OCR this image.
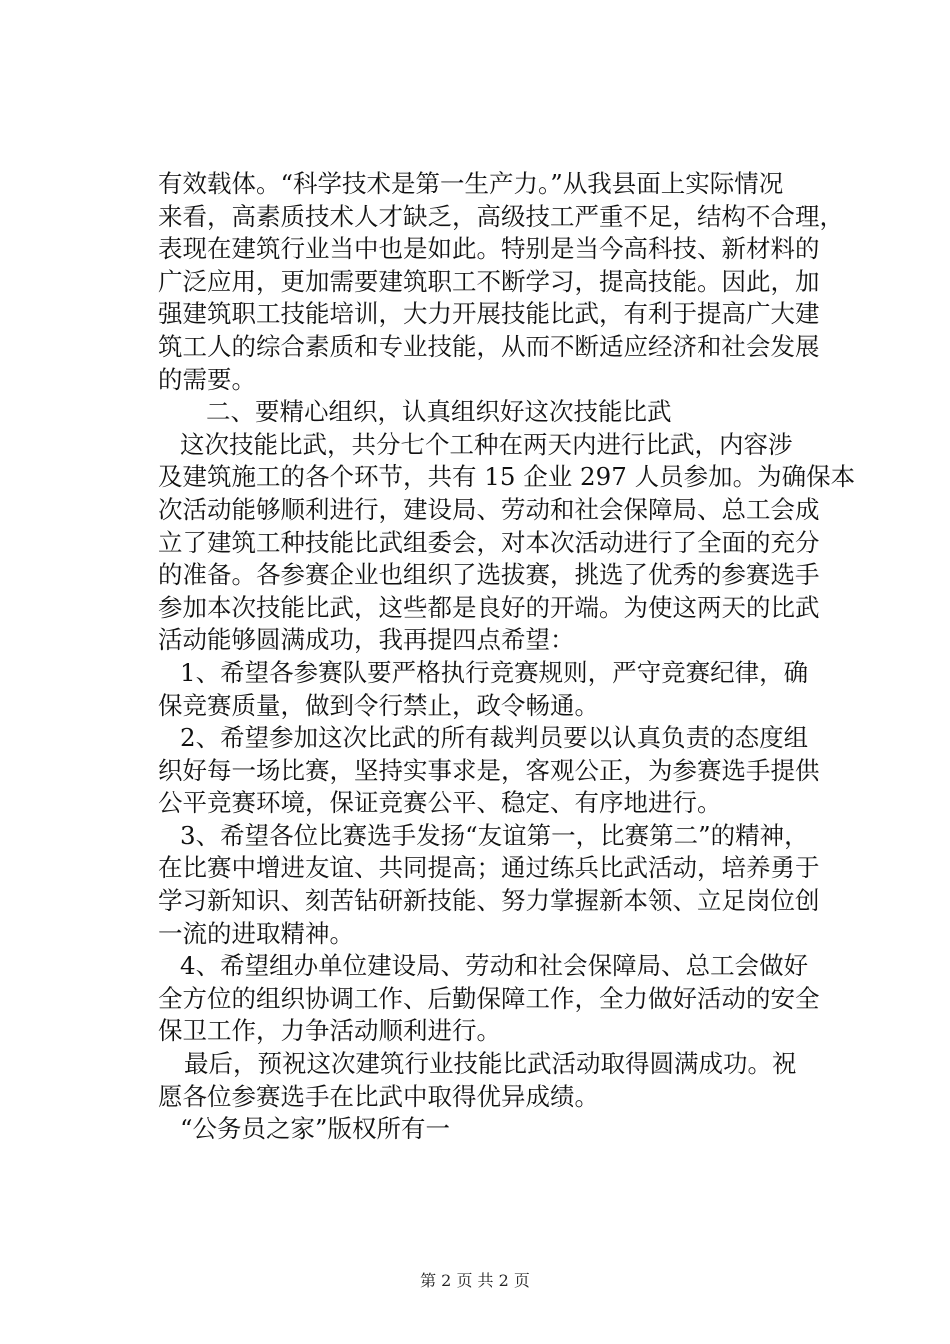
有效载体。“科学技术是第一生产力。”从我县面上实际情况
来看，高素质技术人才缺乏，高级技工严重不足，结构不合理，
表现在建筑行业当中也是如此。特别是当今高科技、新材料的
广泛应用，更加需要建筑职工不断学习，提高技能。因此，加
强建筑职工技能培训，大力开展技能比武，有利于提高广大建
筑工人的综合素质和专业技能，从而不断适应经济和社会发展
的需要。
二、要精心组织，认真组织好这次技能比武
这次技能比武，共分七个工种在两天内进行比武，内容涉
及建筑施工的各个环节，共有 15 企业 297 人员参加。为确保本
次活动能够顺利进行，建设局、劳动和社会保障局、总工会成
立了建筑工种技能比武组委会，对本次活动进行了全面的充分
的准备。各参赛企业也组织了选拔赛，挑选了优秀的参赛选手
参加本次技能比武，这些都是良好的开端。为使这两天的比武
活动能够圆满成功，我再提四点希望：
1、希望各参赛队要严格执行竞赛规则，严守竞赛纪律，确
保竞赛质量，做到令行禁止，政令畅通。
2、希望参加这次比武的所有裁判员要以认真负责的态度组
织好每一场比赛，坚持实事求是，客观公正，为参赛选手提供
公平竞赛环境，保证竞赛公平、稳定、有序地进行。
3、希望各位比赛选手发扬“友谊第一，比赛第二”的精神，
在比赛中增进友谊、共同提高；通过练兵比武活动，培养勇于
学习新知识、刻苦钻研新技能、努力掌握新本领、立足岗位创
一流的进取精神。
4、希望组办单位建设局、劳动和社会保障局、总工会做好
全方位的组织协调工作、后勤保障工作，全力做好活动的安全
保卫工作，力争活动顺利进行。
最后，预祝这次建筑行业技能比武活动取得圆满成功。祝
愿各位参赛选手在比武中取得优异成绩。
“公务员之家”版权所有一
第 2 页 共 2 页
